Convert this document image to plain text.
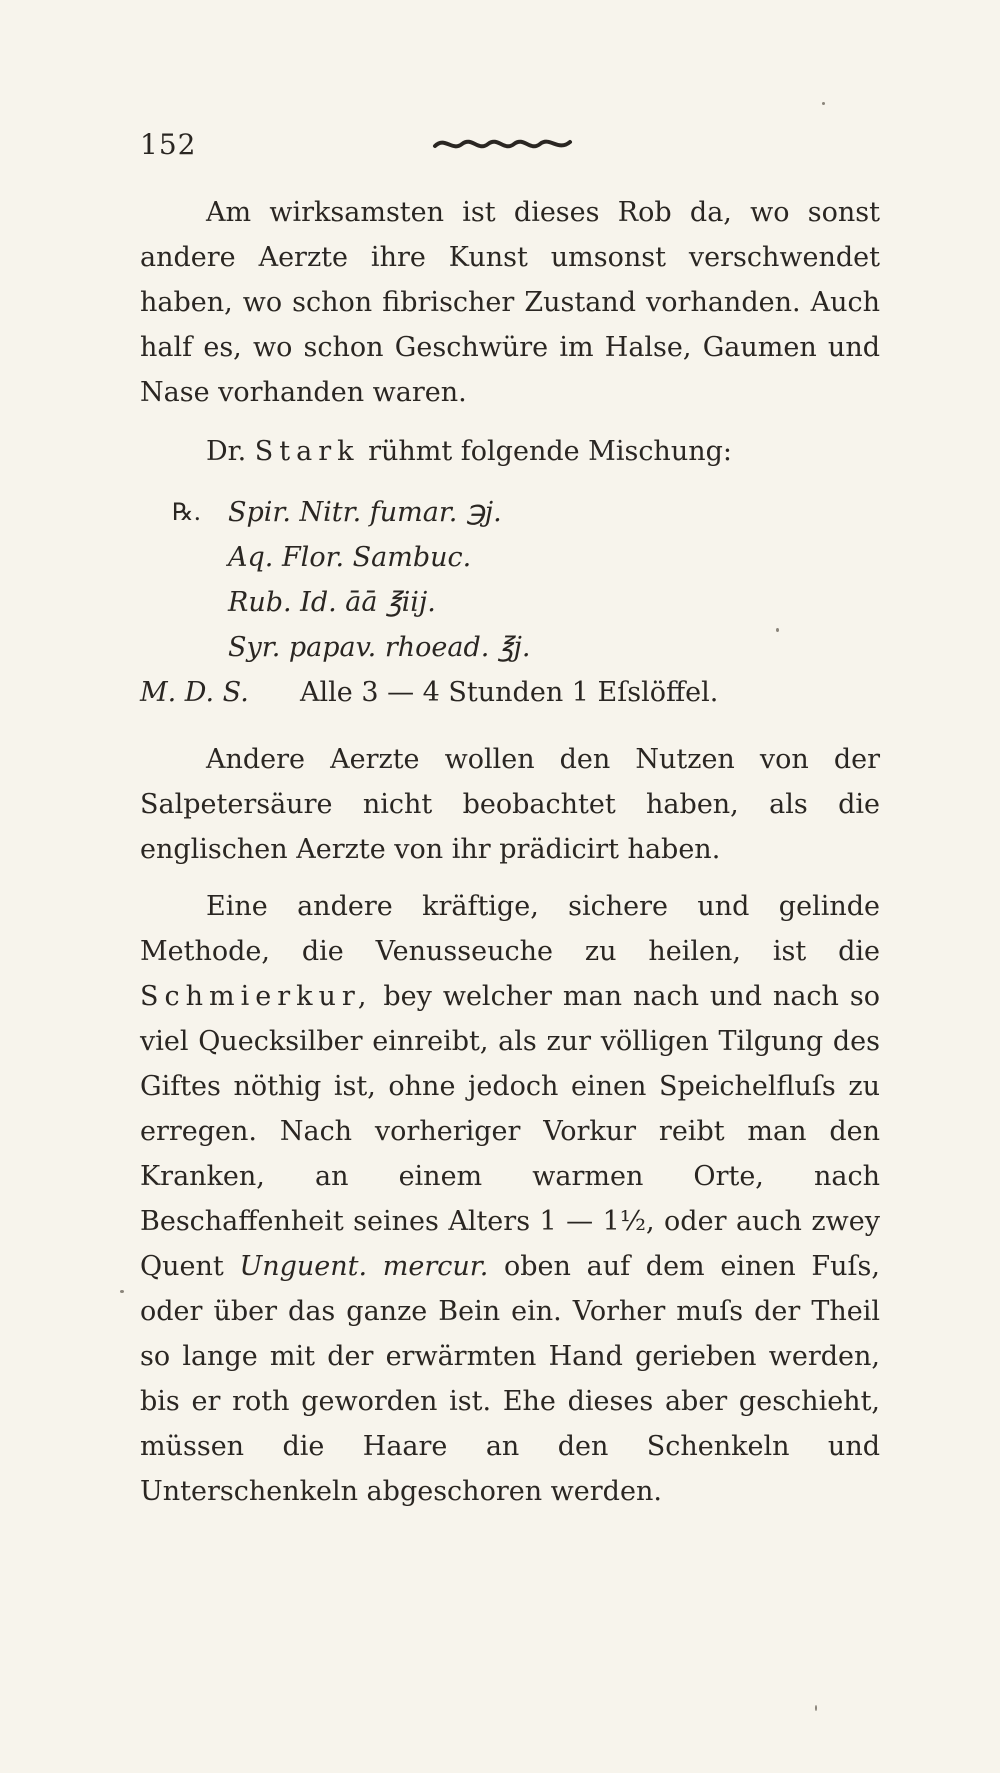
152

Am wirksamsten ist dieses Rob da, wo sonst andere Aerzte ihre Kunst umsonst verschwendet haben, wo schon fibrischer Zustand vorhanden. Auch half es, wo schon Geschwüre im Halse, Gaumen und Nase vorhanden waren.

Dr. Stark rühmt folgende Mischung:

℞. Spir. Nitr. fumar. ℈j.
Aq. Flor. Sambuc.
Rub. Id. āā ℥iij.
Syr. papav. rhoead. ℥j.
M. D. S. Alle 3 — 4 Stunden 1 Eſslöffel.

Andere Aerzte wollen den Nutzen von der Salpetersäure nicht beobachtet haben, als die englischen Aerzte von ihr prädicirt haben.

Eine andere kräftige, sichere und gelinde Methode, die Venusseuche zu heilen, ist die Schmierkur, bey welcher man nach und nach so viel Quecksilber einreibt, als zur völligen Tilgung des Giftes nöthig ist, ohne jedoch einen Speichelfluſs zu erregen. Nach vorheriger Vorkur reibt man den Kranken, an einem warmen Orte, nach Beschaffenheit seines Alters 1 — 1½, oder auch zwey Quent Unguent. mercur. oben auf dem einen Fuſs, oder über das ganze Bein ein. Vorher muſs der Theil so lange mit der erwärmten Hand gerieben werden, bis er roth geworden ist. Ehe dieses aber geschieht, müssen die Haare an den Schenkeln und Unterschenkeln abgeschoren werden.
